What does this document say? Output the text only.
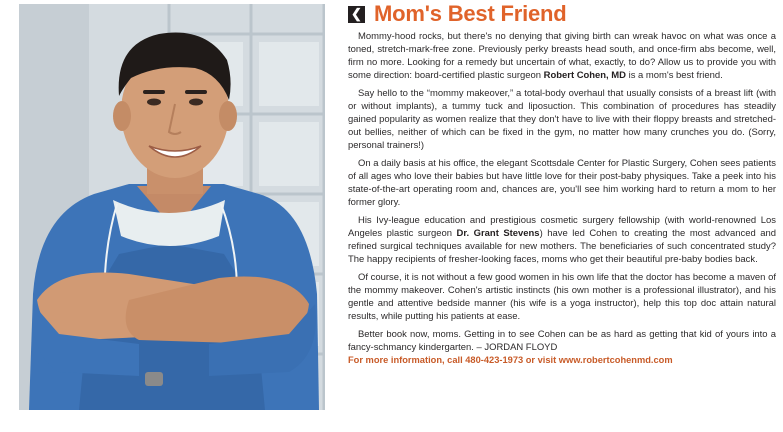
❮ Mom's Best Friend

Mommy-hood rocks, but there's no denying that giving birth can wreak havoc on what was once a toned, stretch-mark-free zone. Previously perky breasts head south, and once-firm abs become, well, firm no more. Looking for a remedy but uncertain of what, exactly, to do? Allow us to provide you with some direction: board-certified plastic surgeon Robert Cohen, MD is a mom's best friend.

Say hello to the “mommy makeover,” a total-body overhaul that usually consists of a breast lift (with or without implants), a tummy tuck and liposuction. This combination of procedures has steadily gained popularity as women realize that they don't have to live with their floppy breasts and stretched-out bellies, neither of which can be fixed in the gym, no matter how many crunches you do. (Sorry, personal trainers!)

On a daily basis at his office, the elegant Scottsdale Center for Plastic Surgery, Cohen sees patients of all ages who love their babies but have little love for their post-baby physiques. Take a peek into his state-of-the-art operating room and, chances are, you'll see him working hard to return a mom to her former glory.

His Ivy-league education and prestigious cosmetic surgery fellowship (with world-renowned Los Angeles plastic surgeon Dr. Grant Stevens) have led Cohen to creating the most advanced and refined surgical techniques available for new mothers. The beneficiaries of such concentrated study? The happy recipients of fresher-looking faces, moms who get their beautiful pre-baby bodies back.

Of course, it is not without a few good women in his own life that the doctor has become a maven of the mommy makeover. Cohen's artistic instincts (his own mother is a professional illustrator), and his gentle and attentive bedside manner (his wife is a yoga instructor), help this top doc attain natural results, while putting his patients at ease.

Better book now, moms. Getting in to see Cohen can be as hard as getting that kid of yours into a fancy-schmancy kindergarten. – JORDAN FLOYD

For more information, call 480-423-1973 or visit www.robertcohenmd.com
